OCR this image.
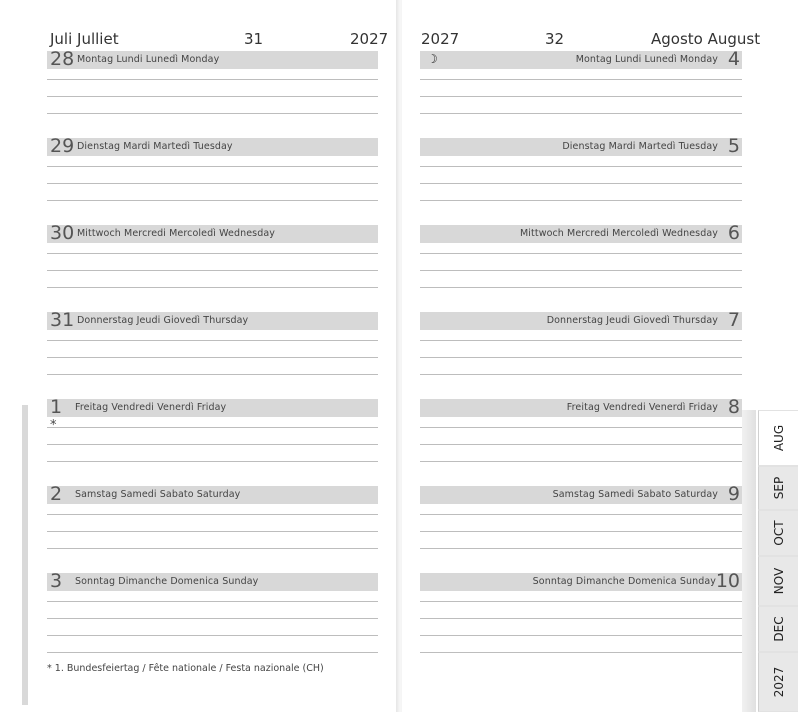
Juli Julliet	31	2027 2027	32	Agosto August
28 Montag Lundi Lunedì Monday
29 Dienstag Mardi Martedì Tuesday
30 Mittwoch Mercredi Mercoledì Wednesday
31 Donnerstag Jeudi Giovedì Thursday
1 Freitag Vendredi Venerdì Friday
2 Samstag Samedi Sabato Saturday
3 Sonntag Dimanche Domenica Sunday
☽	4
Montag Lundi Lunedì Monday
5
Dienstag Mardi Martedì Tuesday
6
Mittwoch Mercredi Mercoledì Wednesday
7
Donnerstag Jeudi Giovedì Thursday
8
Freitag Vendredi Venerdì Friday
9
Samstag Samedi Sabato Saturday
10
Sonntag Dimanche Domenica Sunday
*
* 1. Bundesfeiertag / Fête nationale / Festa nazionale (CH)
AUG
SEP
OCT
NOV
DEC
2027
